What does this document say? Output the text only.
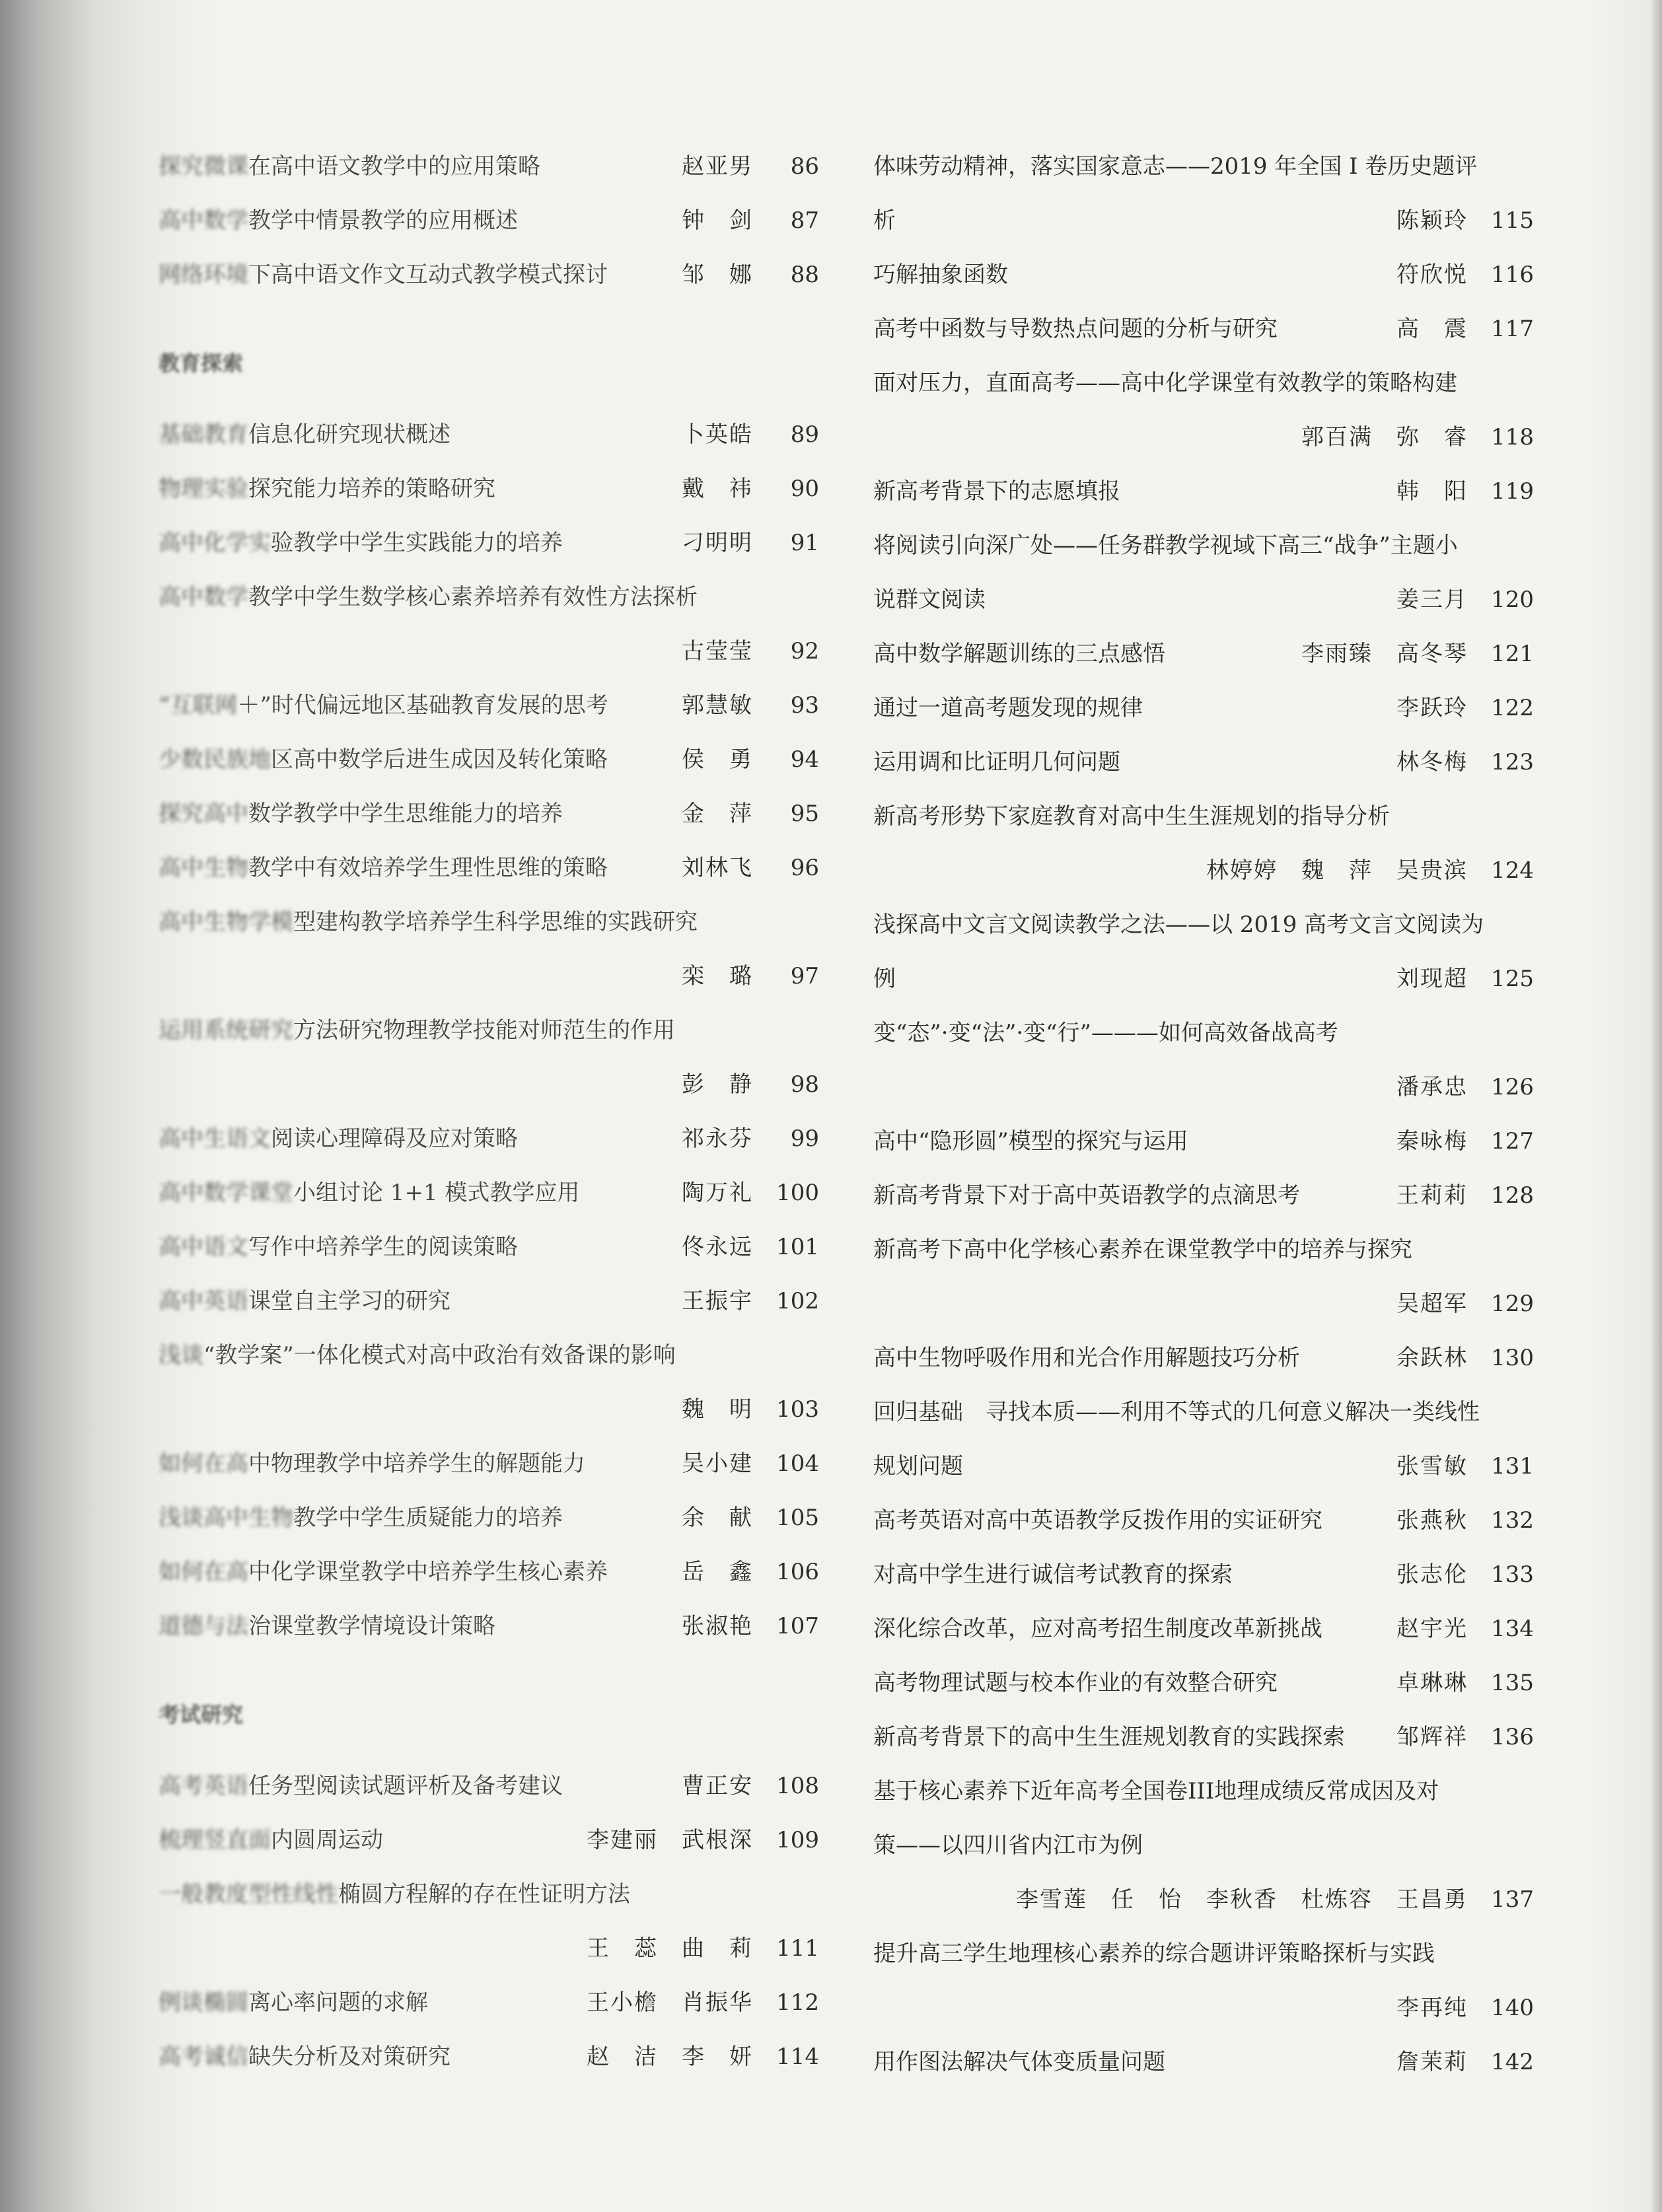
探究微课在高中语文教学中的应用策略	赵亚男	86
高中数学教学中情景教学的应用概述	钟　剑	87
网络环境下高中语文作文互动式教学模式探讨	邹　娜	88
教育探索
基础教育信息化研究现状概述	卜英皓	89
物理实验探究能力培养的策略研究	戴　祎	90
高中化学实验教学中学生实践能力的培养	刁明明	91
高中数学教学中学生数学核心素养培养有效性方法探析
古莹莹	92
“互联网＋”时代偏远地区基础教育发展的思考	郭慧敏	93
少数民族地区高中数学后进生成因及转化策略	侯　勇	94
探究高中数学教学中学生思维能力的培养	金　萍	95
高中生物教学中有效培养学生理性思维的策略	刘林飞	96
高中生物学模型建构教学培养学生科学思维的实践研究
栾　璐	97
运用系统研究方法研究物理教学技能对师范生的作用
彭　静	98
高中生语文阅读心理障碍及应对策略	祁永芬	99
高中数学课堂小组讨论 1+1 模式教学应用	陶万礼	100
高中语文写作中培养学生的阅读策略	佟永远	101
高中英语课堂自主学习的研究	王振宇	102
浅谈“教学案”一体化模式对高中政治有效备课的影响
魏　明	103
如何在高中物理教学中培养学生的解题能力	吴小建	104
浅谈高中生物教学中学生质疑能力的培养	余　献	105
如何在高中化学课堂教学中培养学生核心素养	岳　鑫	106
道德与法治课堂教学情境设计策略	张淑艳	107
考试研究
高考英语任务型阅读试题评析及备考建议	曹正安	108
梳理竖直面内圆周运动	李建丽　武根深	109
一般教度型性线性椭圆方程解的存在性证明方法
王　蕊　曲　莉	111
例谈椭圆离心率问题的求解	王小檐　肖振华	112
高考诚信缺失分析及对策研究	赵　洁　李　妍	114
体味劳动精神，落实国家意志——2019 年全国 I 卷历史题评
析	陈颖玲	115
巧解抽象函数	符欣悦	116
高考中函数与导数热点问题的分析与研究	高　震	117
面对压力，直面高考——高中化学课堂有效教学的策略构建
郭百满　弥　睿	118
新高考背景下的志愿填报	韩　阳	119
将阅读引向深广处——任务群教学视域下高三“战争”主题小
说群文阅读	姜三月	120
高中数学解题训练的三点感悟	李雨臻　高冬琴	121
通过一道高考题发现的规律	李跃玲	122
运用调和比证明几何问题	林冬梅	123
新高考形势下家庭教育对高中生生涯规划的指导分析
林婷婷　魏　萍　吴贵滨	124
浅探高中文言文阅读教学之法——以 2019 高考文言文阅读为
例	刘现超	125
变“态”·变“法”·变“行”———如何高效备战高考
潘承忠	126
高中“隐形圆”模型的探究与运用	秦咏梅	127
新高考背景下对于高中英语教学的点滴思考	王莉莉	128
新高考下高中化学核心素养在课堂教学中的培养与探究
吴超军	129
高中生物呼吸作用和光合作用解题技巧分析	余跃林	130
回归基础　寻找本质——利用不等式的几何意义解决一类线性
规划问题	张雪敏	131
高考英语对高中英语教学反拨作用的实证研究	张燕秋	132
对高中学生进行诚信考试教育的探索	张志伦	133
深化综合改革，应对高考招生制度改革新挑战	赵宇光	134
高考物理试题与校本作业的有效整合研究	卓琳琳	135
新高考背景下的高中生生涯规划教育的实践探索 邹辉祥	136
基于核心素养下近年高考全国卷III地理成绩反常成因及对
策——以四川省内江市为例
李雪莲　任　怡　李秋香　杜炼容　王昌勇	137
提升高三学生地理核心素养的综合题讲评策略探析与实践
李再纯	140
用作图法解决气体变质量问题	詹茉莉	142
